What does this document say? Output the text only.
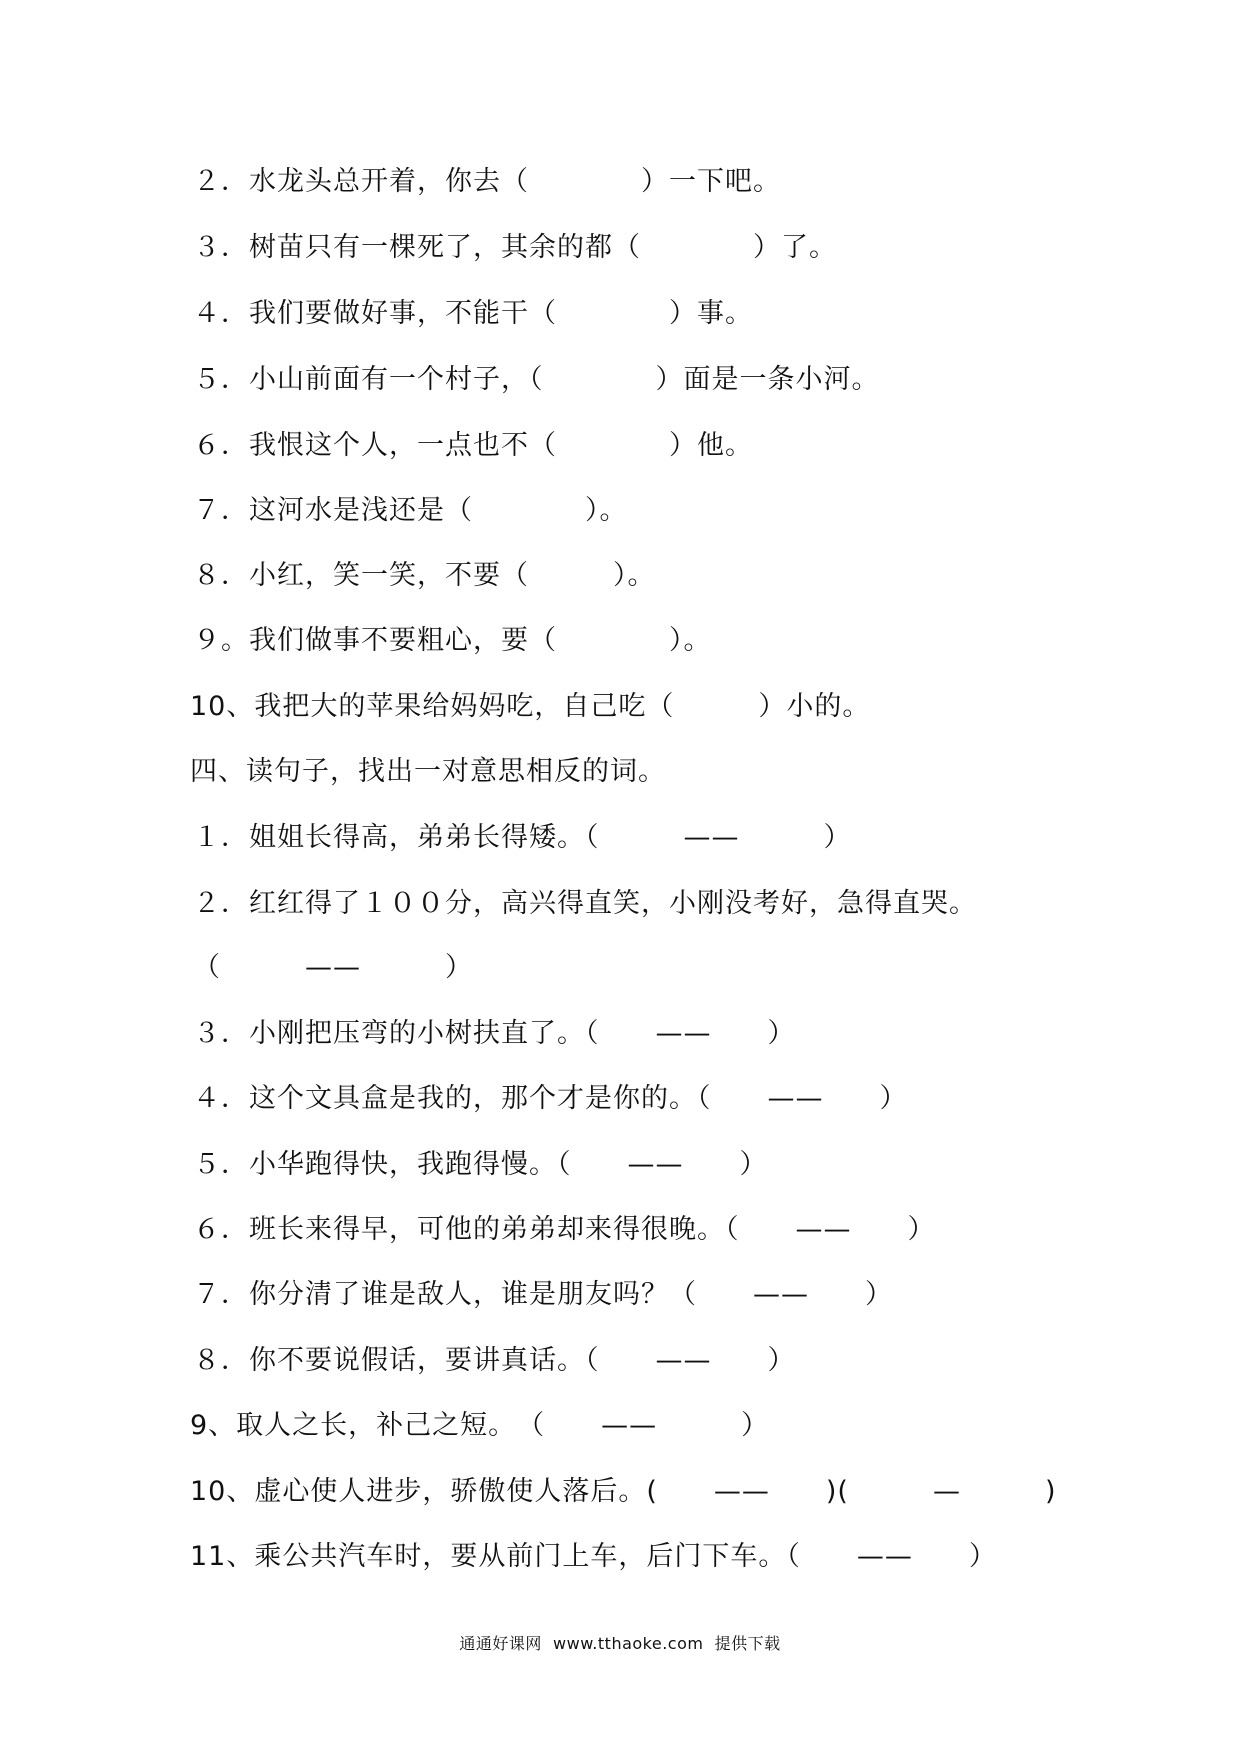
２．水龙头总开着，你去（　　　　）一下吧。
３．树苗只有一棵死了，其余的都（　　　　）了。
４．我们要做好事，不能干（　　　　）事。
５．小山前面有一个村子，（　　　　）面是一条小河。
６．我恨这个人，一点也不（　　　　）他。
７．这河水是浅还是（　　　　）。
８．小红，笑一笑，不要（　　　）。
９。我们做事不要粗心，要（　　　　）。
10、我把大的苹果给妈妈吃，自己吃（　　　）小的。
四、读句子，找出一对意思相反的词。
１．姐姐长得高，弟弟长得矮。（　　　——　　　）
２．红红得了１００分，高兴得直笑，小刚没考好，急得直哭。
（　　　——　　　）
３．小刚把压弯的小树扶直了。（　　——　　）
４．这个文具盒是我的，那个才是你的。（　　——　　）
５．小华跑得快，我跑得慢。（　　——　　）
６．班长来得早，可他的弟弟却来得很晚。（　　——　　）
７．你分清了谁是敌人，谁是朋友吗？（　　——　　）
８．你不要说假话，要讲真话。（　　——　　）
9、取人之长，补己之短。　（　　——　　　）
10、虚心使人进步，骄傲使人落后。(　　——　　)(　　　—　　　)
11、乘公共汽车时，要从前门上车，后门下车。（　　——　　）
通通好课网  www.tthaoke.com  提供下载
